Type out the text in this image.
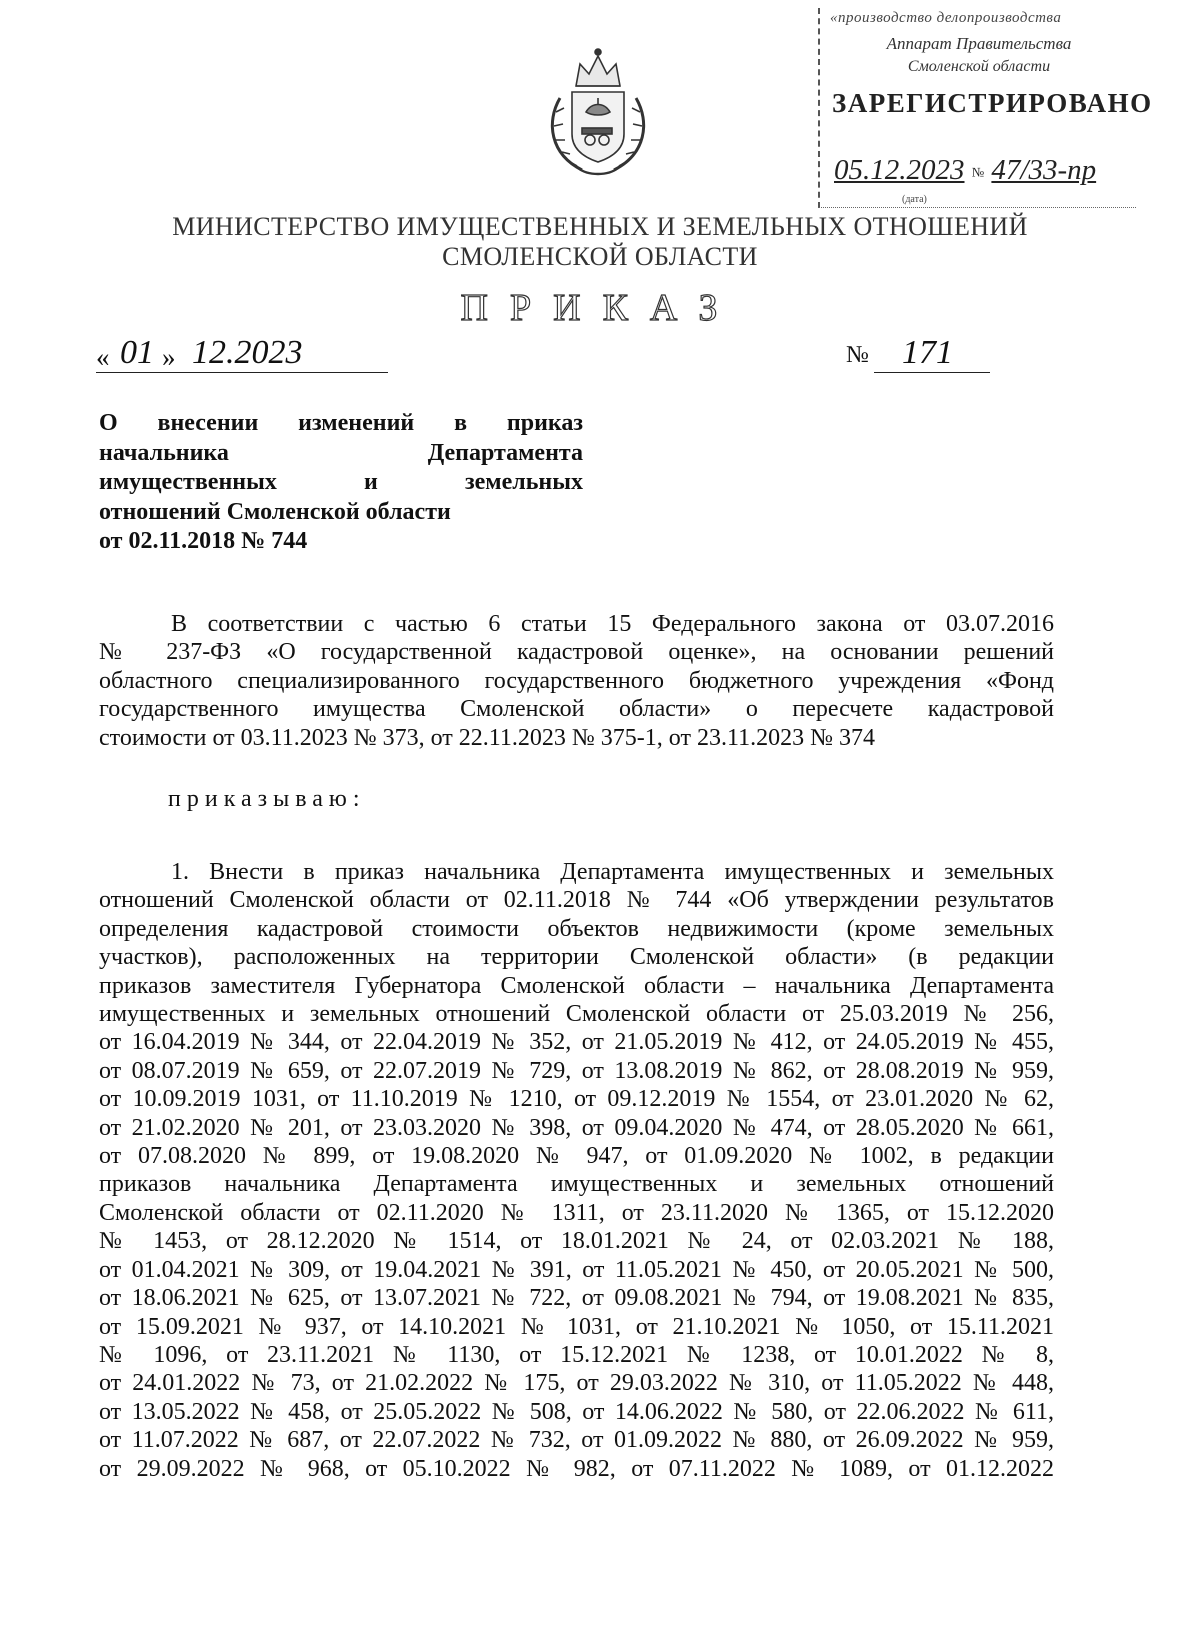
«производство делопроизводства
Аппарат Правительства
Смоленской области
ЗАРЕГИСТРИРОВАНО
05.12.2023 № 47/33-пр
(дата)
МИНИСТЕРСТВО ИМУЩЕСТВЕННЫХ И ЗЕМЕЛЬНЫХ ОТНОШЕНИЙ
СМОЛЕНСКОЙ ОБЛАСТИ
ПРИКАЗ
« 01 » 12.2023	№ 171
О внесении изменений в приказ
начальника Департамента
имущественных и земельных
отношений Смоленской области
от 02.11.2018 № 744
В соответствии с частью 6 статьи 15 Федерального закона от 03.07.2016
№ 237-ФЗ «О государственной кадастровой оценке», на основании решений
областного специализированного государственного бюджетного учреждения «Фонд
государственного имущества Смоленской области» о пересчете кадастровой
стоимости от 03.11.2023 № 373, от 22.11.2023 № 375-1, от 23.11.2023 № 374
приказываю:
1. Внести в приказ начальника Департамента имущественных и земельных
отношений Смоленской области от 02.11.2018 № 744 «Об утверждении результатов
определения кадастровой стоимости объектов недвижимости (кроме земельных
участков), расположенных на территории Смоленской области» (в редакции
приказов заместителя Губернатора Смоленской области – начальника Департамента
имущественных и земельных отношений Смоленской области от 25.03.2019 № 256,
от 16.04.2019 № 344, от 22.04.2019 № 352, от 21.05.2019 № 412, от 24.05.2019 № 455,
от 08.07.2019 № 659, от 22.07.2019 № 729, от 13.08.2019 № 862, от 28.08.2019 № 959,
от 10.09.2019 1031, от 11.10.2019 № 1210, от 09.12.2019 № 1554, от 23.01.2020 № 62,
от 21.02.2020 № 201, от 23.03.2020 № 398, от 09.04.2020 № 474, от 28.05.2020 № 661,
от 07.08.2020 № 899, от 19.08.2020 № 947, от 01.09.2020 № 1002, в редакции
приказов начальника Департамента имущественных и земельных отношений
Смоленской области от 02.11.2020 № 1311, от 23.11.2020 № 1365, от 15.12.2020
№ 1453, от 28.12.2020 № 1514, от 18.01.2021 № 24, от 02.03.2021 № 188,
от 01.04.2021 № 309, от 19.04.2021 № 391, от 11.05.2021 № 450, от 20.05.2021 № 500,
от 18.06.2021 № 625, от 13.07.2021 № 722, от 09.08.2021 № 794, от 19.08.2021 № 835,
от 15.09.2021 № 937, от 14.10.2021 № 1031, от 21.10.2021 № 1050, от 15.11.2021
№ 1096, от 23.11.2021 № 1130, от 15.12.2021 № 1238, от 10.01.2022 № 8,
от 24.01.2022 № 73, от 21.02.2022 № 175, от 29.03.2022 № 310, от 11.05.2022 № 448,
от 13.05.2022 № 458, от 25.05.2022 № 508, от 14.06.2022 № 580, от 22.06.2022 № 611,
от 11.07.2022 № 687, от 22.07.2022 № 732, от 01.09.2022 № 880, от 26.09.2022 № 959,
от 29.09.2022 № 968, от 05.10.2022 № 982, от 07.11.2022 № 1089, от 01.12.2022
